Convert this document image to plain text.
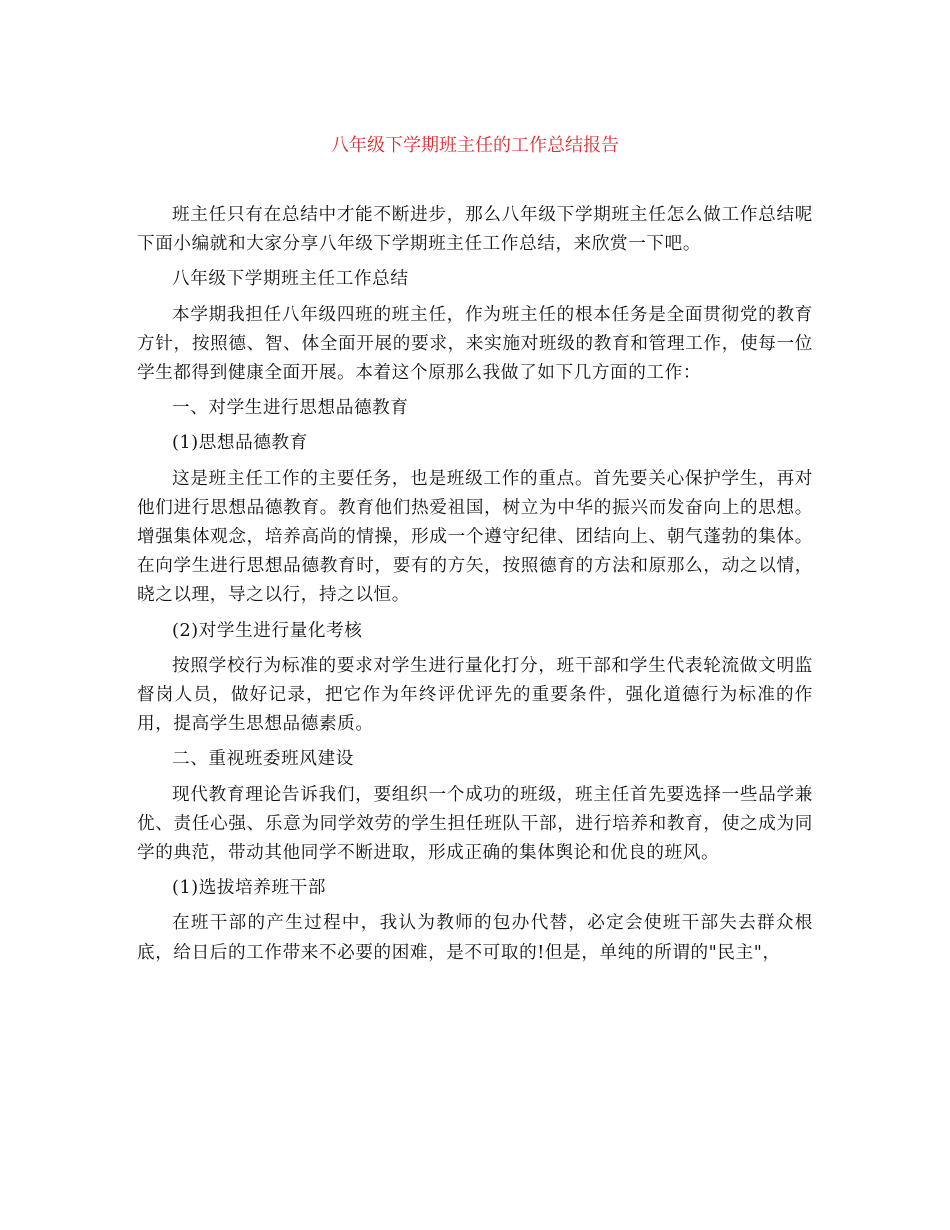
八年级下学期班主任的工作总结报告

班主任只有在总结中才能不断进步，那么八年级下学期班主任怎么做工作总结呢下面小编就和大家分享八年级下学期班主任工作总结，来欣赏一下吧。

八年级下学期班主任工作总结

本学期我担任八年级四班的班主任，作为班主任的根本任务是全面贯彻党的教育方针，按照德、智、体全面开展的要求，来实施对班级的教育和管理工作，使每一位学生都得到健康全面开展。本着这个原那么我做了如下几方面的工作：

一、对学生进行思想品德教育

(1)思想品德教育

这是班主任工作的主要任务，也是班级工作的重点。首先要关心保护学生，再对他们进行思想品德教育。教育他们热爱祖国，树立为中华的振兴而发奋向上的思想。增强集体观念，培养高尚的情操，形成一个遵守纪律、团结向上、朝气蓬勃的集体。在向学生进行思想品德教育时，要有的方矢，按照德育的方法和原那么，动之以情，晓之以理，导之以行，持之以恒。

(2)对学生进行量化考核

按照学校行为标准的要求对学生进行量化打分，班干部和学生代表轮流做文明监督岗人员，做好记录，把它作为年终评优评先的重要条件，强化道德行为标准的作用，提高学生思想品德素质。

二、重视班委班风建设

现代教育理论告诉我们，要组织一个成功的班级，班主任首先要选择一些品学兼优、责任心强、乐意为同学效劳的学生担任班队干部，进行培养和教育，使之成为同学的典范，带动其他同学不断进取，形成正确的集体舆论和优良的班风。

(1)选拔培养班干部

在班干部的产生过程中，我认为教师的包办代替，必定会使班干部失去群众根底，给日后的工作带来不必要的困难，是不可取的!但是，单纯的所谓的"民主"，
